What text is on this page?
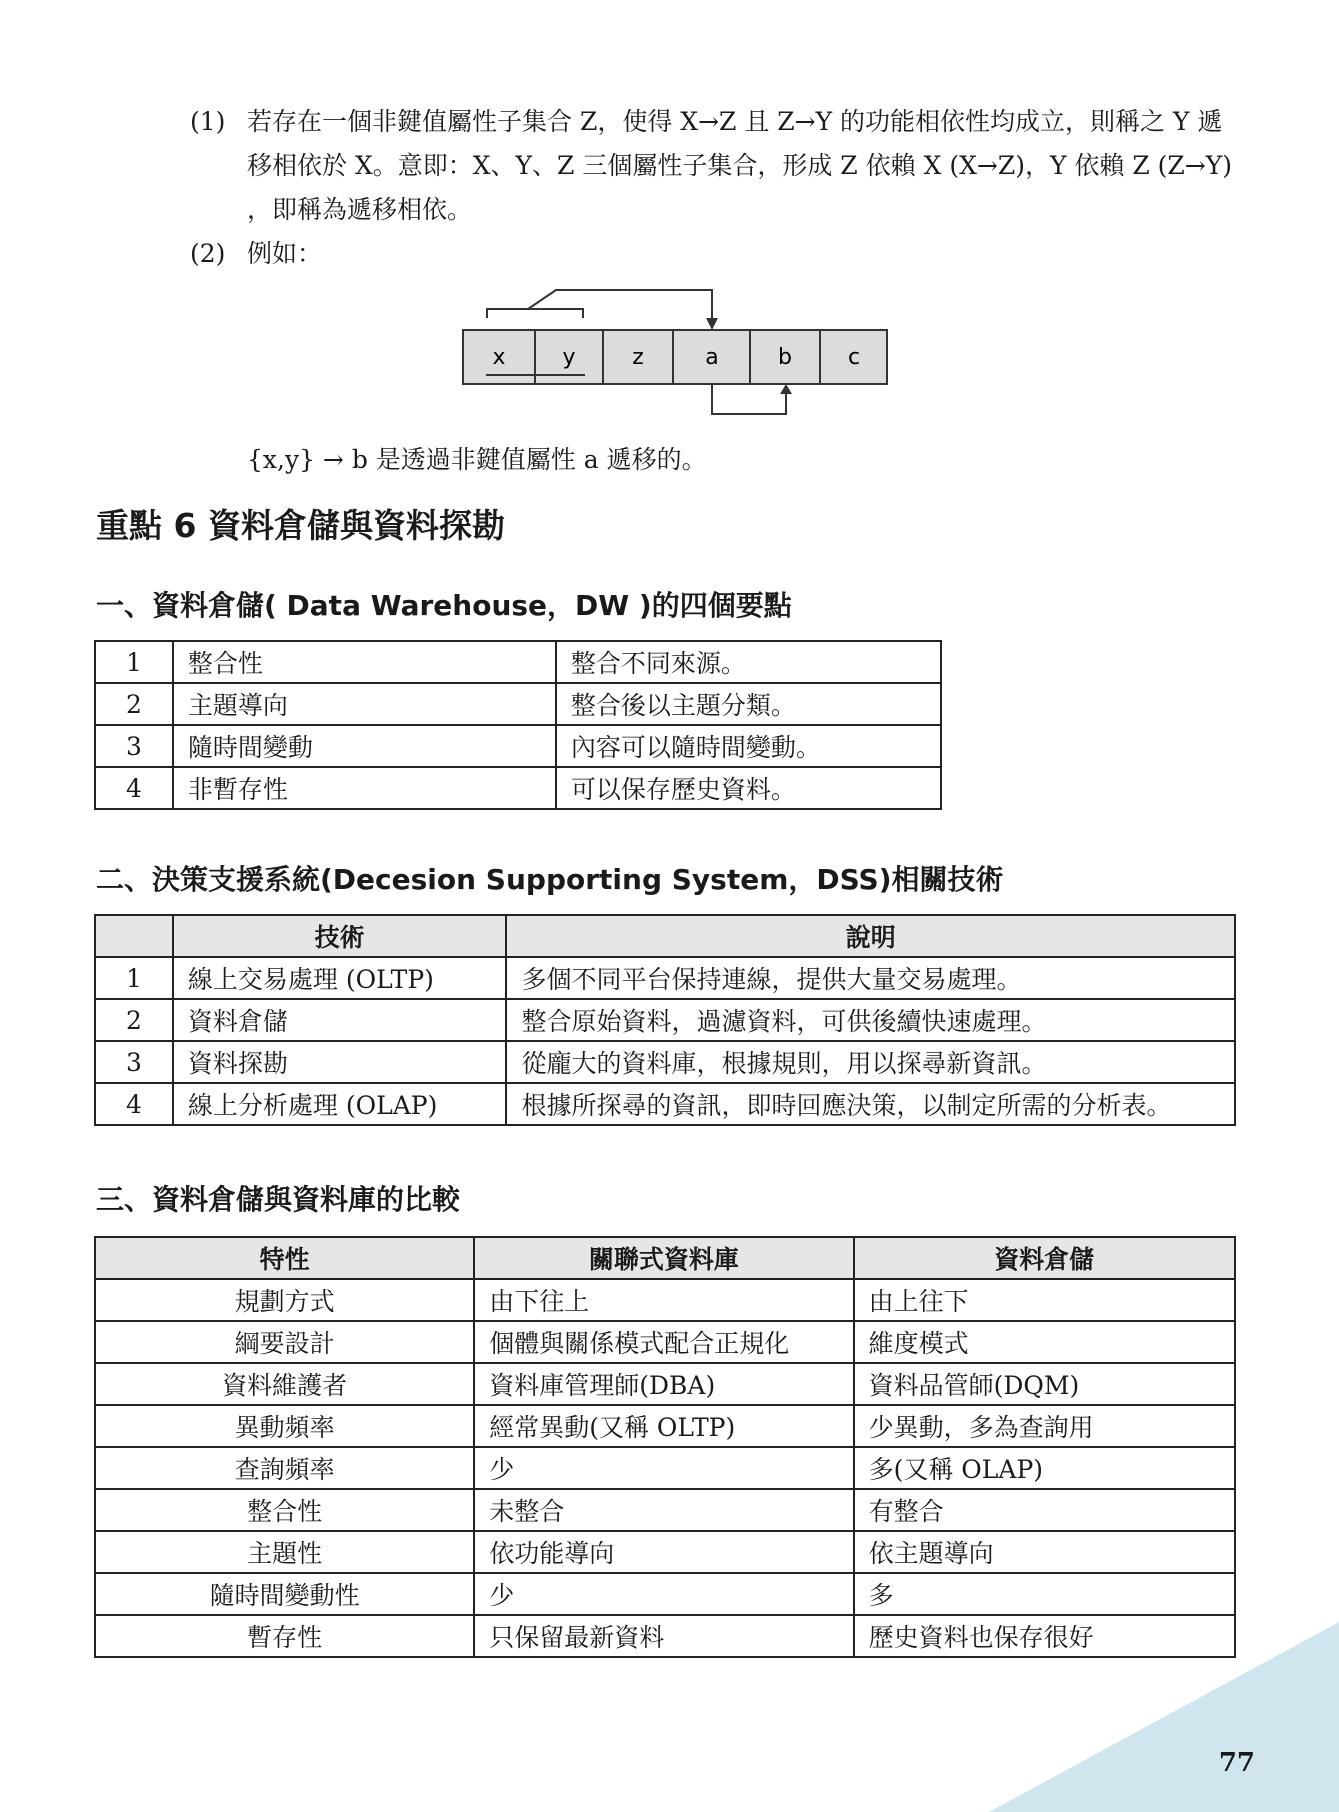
(1) 若存在一個非鍵值屬性子集合 Z，使得 X→Z 且 Z→Y 的功能相依性均成立，則稱之 Y 遞移相依於 X。意即：X、Y、Z 三個屬性子集合，形成 Z 依賴 X (X→Z)，Y 依賴 Z (Z→Y) ，即稱為遞移相依。
(2) 例如：
x	y	z	a	b	c
{x,y} → b 是透過非鍵值屬性 a 遞移的。
重點 6 資料倉儲與資料探勘
一、資料倉儲( Data Warehouse，DW )的四個要點
1	整合性	整合不同來源。
2	主題導向	整合後以主題分類。
3	隨時間變動	內容可以隨時間變動。
4	非暫存性	可以保存歷史資料。
二、決策支援系統(Decesion Supporting System，DSS)相關技術
	技術	說明
1	線上交易處理 (OLTP)	多個不同平台保持連線，提供大量交易處理。
2	資料倉儲	整合原始資料，過濾資料，可供後續快速處理。
3	資料探勘	從龐大的資料庫，根據規則，用以探尋新資訊。
4	線上分析處理 (OLAP)	根據所探尋的資訊，即時回應決策，以制定所需的分析表。
三、資料倉儲與資料庫的比較
特性	關聯式資料庫	資料倉儲
規劃方式	由下往上	由上往下
綱要設計	個體與關係模式配合正規化	維度模式
資料維護者	資料庫管理師(DBA)	資料品管師(DQM)
異動頻率	經常異動(又稱 OLTP)	少異動，多為查詢用
查詢頻率	少	多(又稱 OLAP)
整合性	未整合	有整合
主題性	依功能導向	依主題導向
隨時間變動性	少	多
暫存性	只保留最新資料	歷史資料也保存很好
77
